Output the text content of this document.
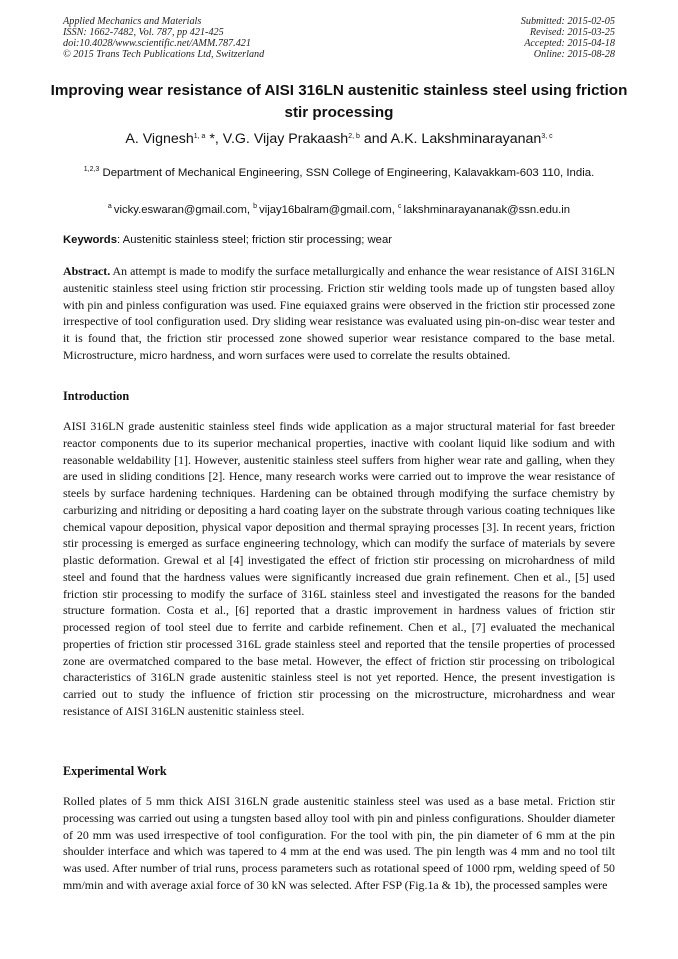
Applied Mechanics and Materials
ISSN: 1662-7482, Vol. 787, pp 421-425
doi:10.4028/www.scientific.net/AMM.787.421
© 2015 Trans Tech Publications Ltd, Switzerland
Submitted: 2015-02-05
Revised: 2015-03-25
Accepted: 2015-04-18
Online: 2015-08-28
Improving wear resistance of AISI 316LN austenitic stainless steel using friction stir processing
A. Vignesh$^{1, a}$ *, V.G. Vijay Prakaash$^{2, b}$ and A.K. Lakshminarayanan$^{3, c}$
$^{1,2,3}$ Department of Mechanical Engineering, SSN College of Engineering, Kalavakkam-603 110, India.
$^a$ vicky.eswaran@gmail.com, $^b$ vijay16balram@gmail.com, $^c$ lakshminarayananak@ssn.edu.in
Keywords: Austenitic stainless steel; friction stir processing; wear
Abstract. An attempt is made to modify the surface metallurgically and enhance the wear resistance of AISI 316LN austenitic stainless steel using friction stir processing. Friction stir welding tools made up of tungsten based alloy with pin and pinless configuration was used. Fine equiaxed grains were observed in the friction stir processed zone irrespective of tool configuration used. Dry sliding wear resistance was evaluated using pin-on-disc wear tester and it is found that, the friction stir processed zone showed superior wear resistance compared to the base metal. Microstructure, micro hardness, and worn surfaces were used to correlate the results obtained.
Introduction
AISI 316LN grade austenitic stainless steel finds wide application as a major structural material for fast breeder reactor components due to its superior mechanical properties, inactive with coolant liquid like sodium and with reasonable weldability [1]. However, austenitic stainless steel suffers from higher wear rate and galling, when they are used in sliding conditions [2]. Hence, many research works were carried out to improve the wear resistance of steels by surface hardening techniques. Hardening can be obtained through modifying the surface chemistry by carburizing and nitriding or depositing a hard coating layer on the substrate through various coating techniques like chemical vapour deposition, physical vapor deposition and thermal spraying processes [3]. In recent years, friction stir processing is emerged as surface engineering technology, which can modify the surface of materials by severe plastic deformation. Grewal et al [4] investigated the effect of friction stir processing on microhardness of mild steel and found that the hardness values were significantly increased due grain refinement. Chen et al., [5] used friction stir processing to modify the surface of 316L stainless steel and investigated the reasons for the banded structure formation. Costa et al., [6] reported that a drastic improvement in hardness values of friction stir processed region of tool steel due to ferrite and carbide refinement. Chen et al., [7] evaluated the mechanical properties of friction stir processed 316L grade stainless steel and reported that the tensile properties of processed zone are overmatched compared to the base metal. However, the effect of friction stir processing on tribological characteristics of 316LN grade austenitic stainless steel is not yet reported. Hence, the present investigation is carried out to study the influence of friction stir processing on the microstructure, microhardness and wear resistance of AISI 316LN austenitic stainless steel.
Experimental Work
Rolled plates of 5 mm thick AISI 316LN grade austenitic stainless steel was used as a base metal. Friction stir processing was carried out using a tungsten based alloy tool with pin and pinless configurations. Shoulder diameter of 20 mm was used irrespective of tool configuration. For the tool with pin, the pin diameter of 6 mm at the pin shoulder interface and which was tapered to 4 mm at the end was used. The pin length was 4 mm and no tool tilt was used. After number of trial runs, process parameters such as rotational speed of 1000 rpm, welding speed of 50 mm/min and with average axial force of 30 kN was selected. After FSP (Fig.1a & 1b), the processed samples were
